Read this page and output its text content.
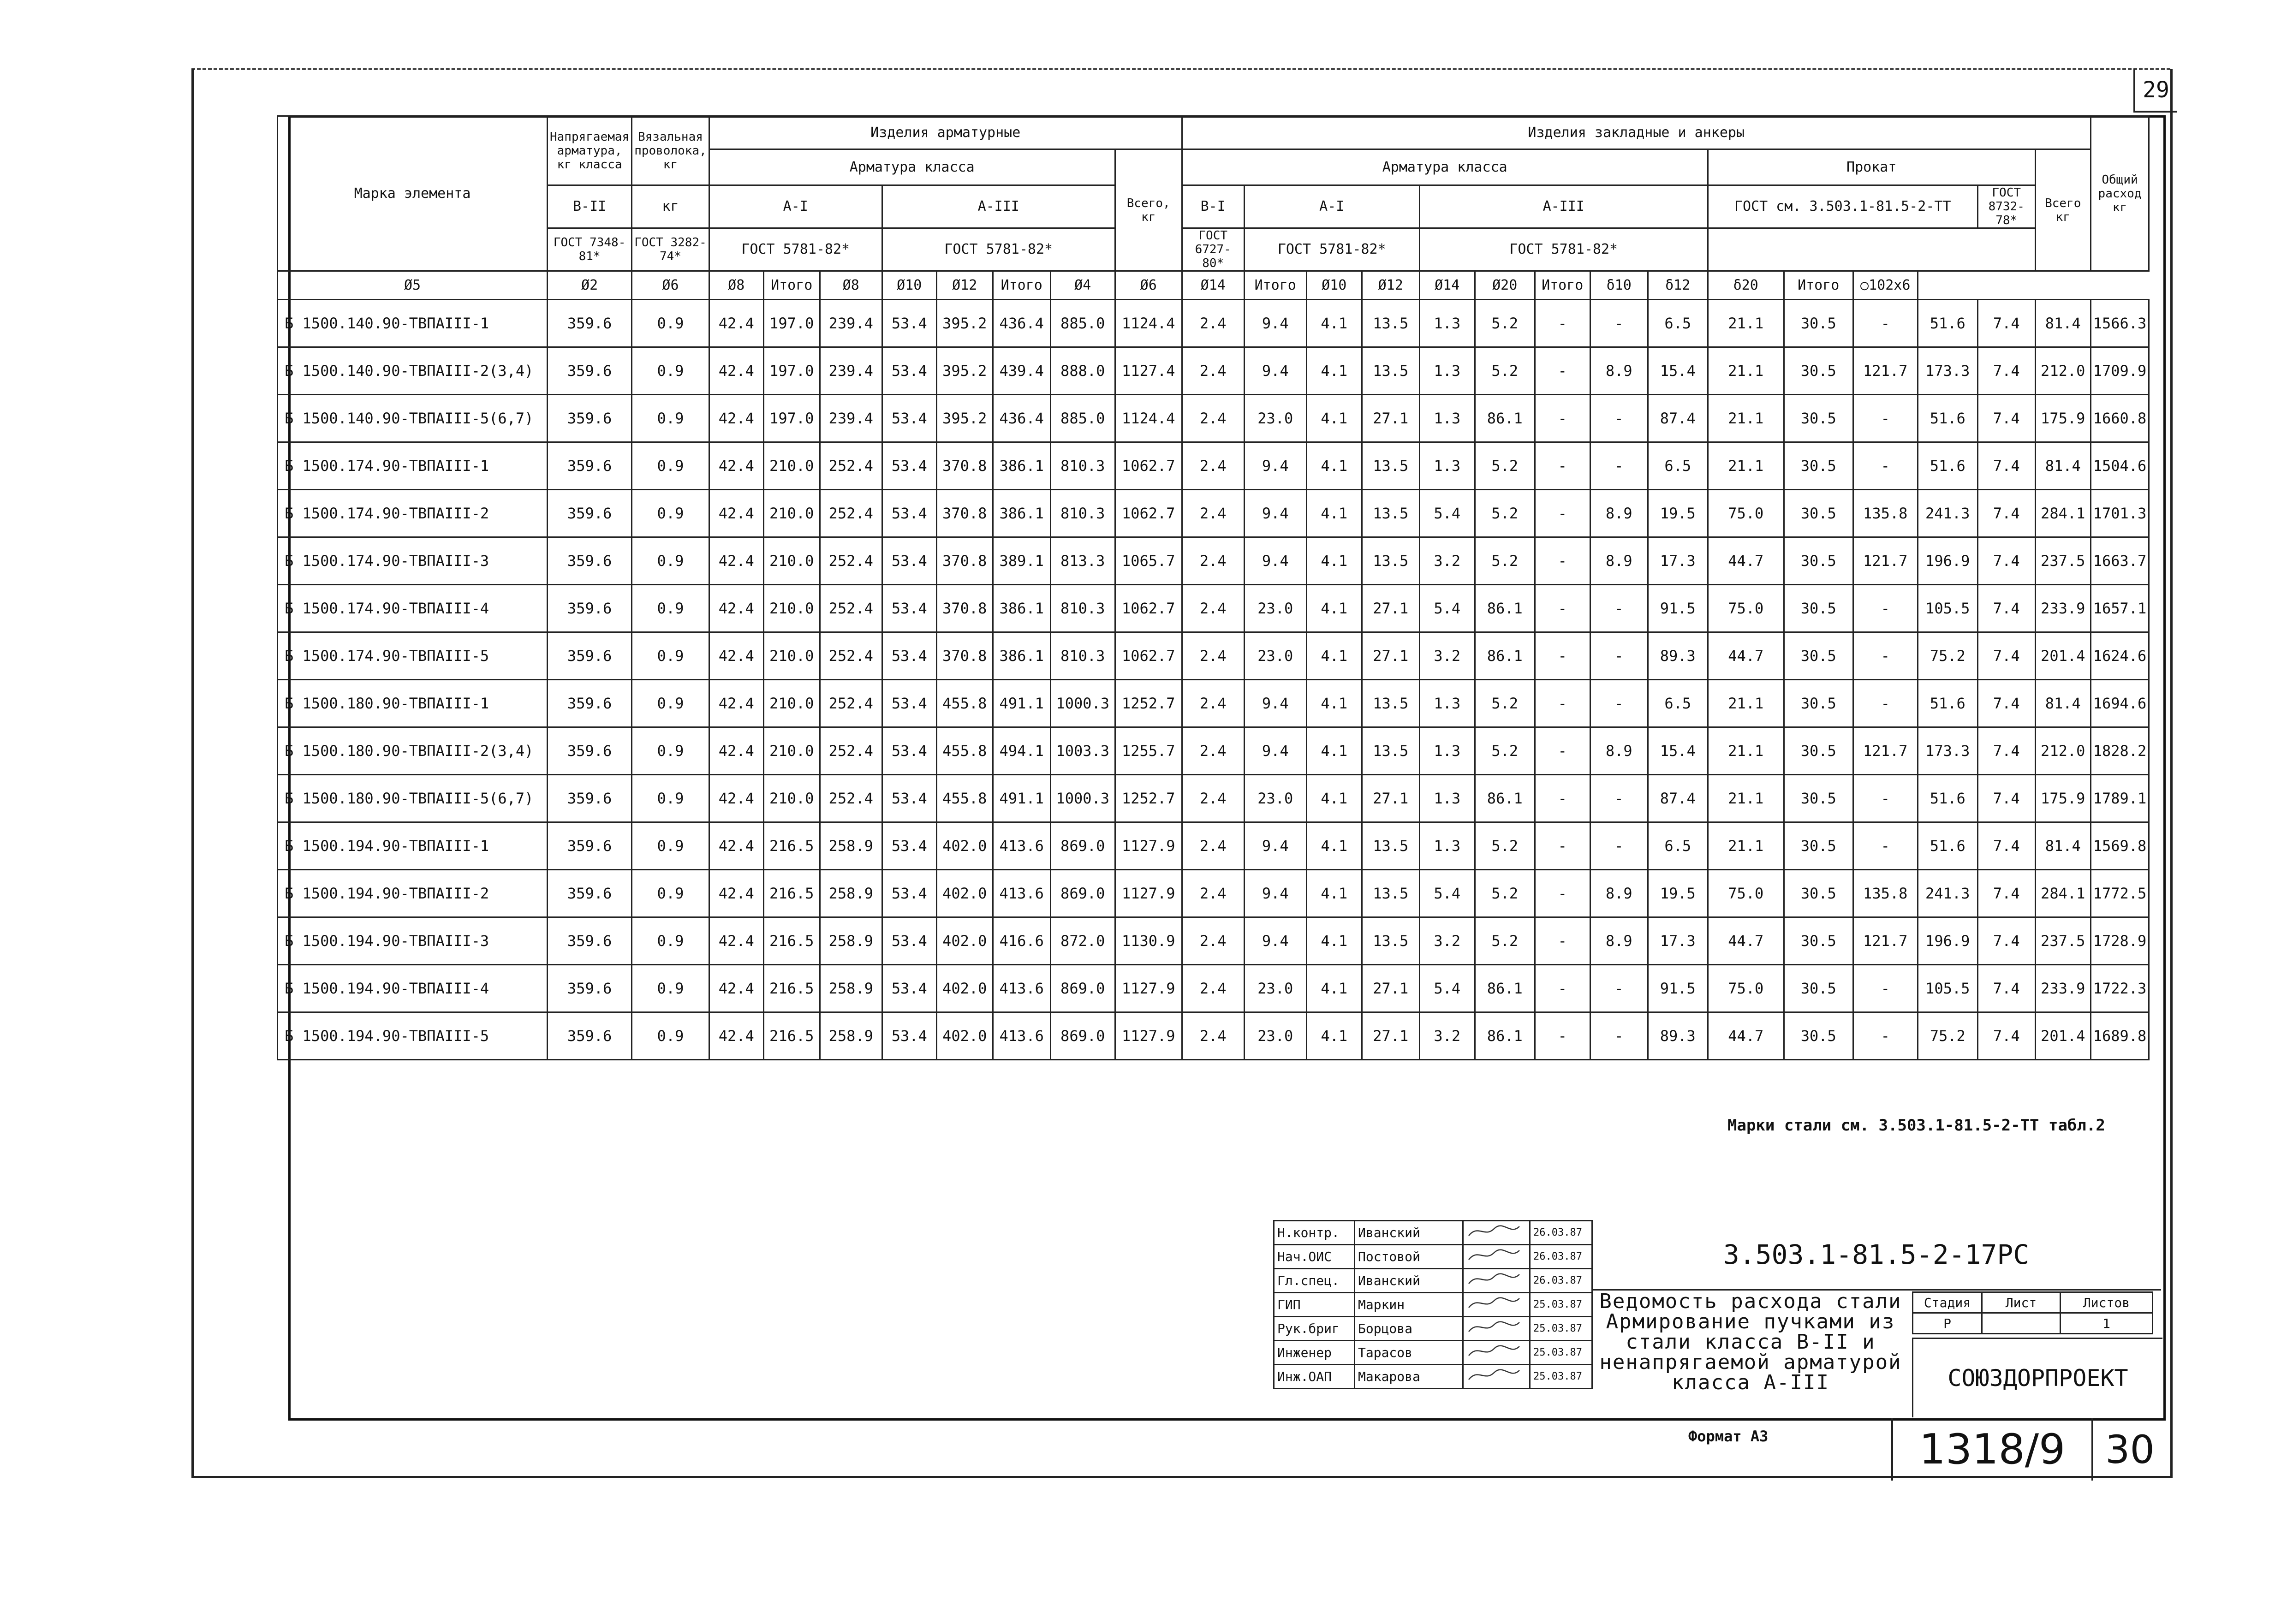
29
Марка элемента	Напрягаемая арматура, кг класса	Вязальная проволока, кг	Изделия арматурные								Изделия закладные и анкеры															Общий расход кг
			Арматура класса							Всего, кг	Арматура класса									Прокат					Всего
кг	
	В-II	кг	А-I			А-III					В-I	А-I			А-III					ГОСТ см. 3.503.1-81.5-2-ТТ				ГОСТ 8732-78*		
	ГОСТ 7348-81*	ГОСТ 3282-74*	ГОСТ 5781-82*			ГОСТ 5781-82*					ГОСТ 6727-80*	ГОСТ 5781-82*			ГОСТ 5781-82*											
Ø5	Ø2	Ø6	Ø8	Итого	Ø8	Ø10	Ø12	Итого	Ø4	Ø6	Ø14	Итого	Ø10	Ø12	Ø14	Ø20	Итого	δ10	δ12	δ20	Итого	○102х6				
Б 1500.140.90-ТВПАIII-1	359.6	0.9	42.4	197.0	239.4	53.4	395.2	436.4	885.0	1124.4	2.4	9.4	4.1	13.5	1.3	5.2	-	-	6.5	21.1	30.5	-	51.6	7.4	81.4	1566.3
Б 1500.140.90-ТВПАIII-2(3,4)	359.6	0.9	42.4	197.0	239.4	53.4	395.2	439.4	888.0	1127.4	2.4	9.4	4.1	13.5	1.3	5.2	-	8.9	15.4	21.1	30.5	121.7	173.3	7.4	212.0	1709.9
Б 1500.140.90-ТВПАIII-5(6,7)	359.6	0.9	42.4	197.0	239.4	53.4	395.2	436.4	885.0	1124.4	2.4	23.0	4.1	27.1	1.3	86.1	-	-	87.4	21.1	30.5	-	51.6	7.4	175.9	1660.8
Б 1500.174.90-ТВПАIII-1	359.6	0.9	42.4	210.0	252.4	53.4	370.8	386.1	810.3	1062.7	2.4	9.4	4.1	13.5	1.3	5.2	-	-	6.5	21.1	30.5	-	51.6	7.4	81.4	1504.6
Б 1500.174.90-ТВПАIII-2	359.6	0.9	42.4	210.0	252.4	53.4	370.8	386.1	810.3	1062.7	2.4	9.4	4.1	13.5	5.4	5.2	-	8.9	19.5	75.0	30.5	135.8	241.3	7.4	284.1	1701.3
Б 1500.174.90-ТВПАIII-3	359.6	0.9	42.4	210.0	252.4	53.4	370.8	389.1	813.3	1065.7	2.4	9.4	4.1	13.5	3.2	5.2	-	8.9	17.3	44.7	30.5	121.7	196.9	7.4	237.5	1663.7
Б 1500.174.90-ТВПАIII-4	359.6	0.9	42.4	210.0	252.4	53.4	370.8	386.1	810.3	1062.7	2.4	23.0	4.1	27.1	5.4	86.1	-	-	91.5	75.0	30.5	-	105.5	7.4	233.9	1657.1
Б 1500.174.90-ТВПАIII-5	359.6	0.9	42.4	210.0	252.4	53.4	370.8	386.1	810.3	1062.7	2.4	23.0	4.1	27.1	3.2	86.1	-	-	89.3	44.7	30.5	-	75.2	7.4	201.4	1624.6
Б 1500.180.90-ТВПАIII-1	359.6	0.9	42.4	210.0	252.4	53.4	455.8	491.1	1000.3	1252.7	2.4	9.4	4.1	13.5	1.3	5.2	-	-	6.5	21.1	30.5	-	51.6	7.4	81.4	1694.6
Б 1500.180.90-ТВПАIII-2(3,4)	359.6	0.9	42.4	210.0	252.4	53.4	455.8	494.1	1003.3	1255.7	2.4	9.4	4.1	13.5	1.3	5.2	-	8.9	15.4	21.1	30.5	121.7	173.3	7.4	212.0	1828.2
Б 1500.180.90-ТВПАIII-5(6,7)	359.6	0.9	42.4	210.0	252.4	53.4	455.8	491.1	1000.3	1252.7	2.4	23.0	4.1	27.1	1.3	86.1	-	-	87.4	21.1	30.5	-	51.6	7.4	175.9	1789.1
Б 1500.194.90-ТВПАIII-1	359.6	0.9	42.4	216.5	258.9	53.4	402.0	413.6	869.0	1127.9	2.4	9.4	4.1	13.5	1.3	5.2	-	-	6.5	21.1	30.5	-	51.6	7.4	81.4	1569.8
Б 1500.194.90-ТВПАIII-2	359.6	0.9	42.4	216.5	258.9	53.4	402.0	413.6	869.0	1127.9	2.4	9.4	4.1	13.5	5.4	5.2	-	8.9	19.5	75.0	30.5	135.8	241.3	7.4	284.1	1772.5
Б 1500.194.90-ТВПАIII-3	359.6	0.9	42.4	216.5	258.9	53.4	402.0	416.6	872.0	1130.9	2.4	9.4	4.1	13.5	3.2	5.2	-	8.9	17.3	44.7	30.5	121.7	196.9	7.4	237.5	1728.9
Б 1500.194.90-ТВПАIII-4	359.6	0.9	42.4	216.5	258.9	53.4	402.0	413.6	869.0	1127.9	2.4	23.0	4.1	27.1	5.4	86.1	-	-	91.5	75.0	30.5	-	105.5	7.4	233.9	1722.3
Б 1500.194.90-ТВПАIII-5	359.6	0.9	42.4	216.5	258.9	53.4	402.0	413.6	869.0	1127.9	2.4	23.0	4.1	27.1	3.2	86.1	-	-	89.3	44.7	30.5	-	75.2	7.4	201.4	1689.8

Марки стали см. 3.503.1-81.5-2-ТТ табл.2
Н.контр.	Иванский		26.03.87
Нач.ОИС	Постовой		26.03.87
Гл.спец.	Иванский		26.03.87
ГИП	Маркин		25.03.87
Рук.бриг	Борцова		25.03.87
Инженер	Тарасов		25.03.87
Инж.ОАП	Макарова		25.03.87
3.503.1-81.5-2-17РС
Ведомость расхода стали Армирование пучками из стали класса В-II и ненапрягаемой арматурой класса А-III
Стадия	Лист	Листов
Р		1
СОЮЗДОРПРОЕКТ
Формат А3	1318/9	30
